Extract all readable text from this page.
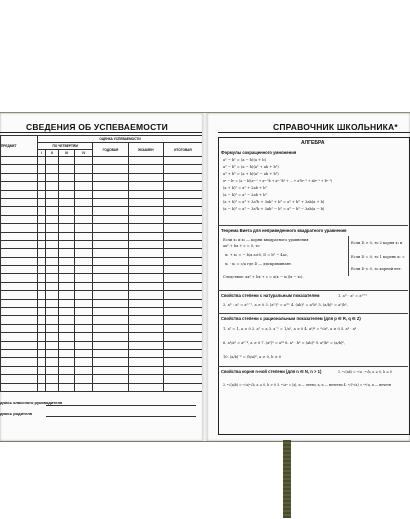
СВЕДЕНИЯ ОБ УСПЕВАЕМОСТИ
ПРЕДМЕТ	ОЦЕНКА УСПЕВАЕМОСТИ						
	ПО ЧЕТВЕРТЯМ				ГОДОВАЯ	ЭКЗАМЕН	ИТОГОВАЯ
	I	II	III	IV			

дпись классного руководителя
дпись родителя
СПРАВОЧНИК ШКОЛЬНИКА*
АЛГЕБРА
Формулы сокращенного умножения
a² − b² = (a − b)(a + b)
a³ − b³ = (a − b)(a² + ab + b²)
a³ + b³ = (a + b)(a² − ab + b²)
aⁿ − bⁿ = (a − b)(aⁿ⁻¹ + aⁿ⁻²b + aⁿ⁻³b² + ... + a²bⁿ⁻³ + abⁿ⁻² + bⁿ⁻¹)
(a + b)² = a² + 2ab + b²
(a − b)² = a² − 2ab + b²
(a + b)³ = a³ + 3a²b + 3ab² + b³ = a³ + b³ + 3ab(a + b)
(a − b)³ = a³ − 3a²b + 3ab² − b³ = a³ − b³ − 3ab(a − b)
Теорема Виета для неприведенного квадратного уравнения
Если x₁ и x₂ — корни квадратного уравнения
ax² + bx + c = 0, то
x₁ + x₂ = − b/a a≠0, D = b² − 4ac,
x₁ · x₂ = c/a где D — дискриминант.
Следствие: ax² + bx + c = a(x − x₁)(x − x₂).
Если D > 0, то 2 корня x₁ и
Если D = 0, то 1 корень x₁ =
Если D < 0, то корней нет.
Свойства степени с натуральным показателем	1. aᵐ · aⁿ = aᵐ⁺ⁿ
2. aᵐ : aⁿ = aᵐ⁻ⁿ, a ≠ 0 3. (aᵐ)ⁿ = aᵐⁿ 4. (ab)ⁿ = aⁿbⁿ 5. (a/b)ⁿ = aⁿ/bⁿ,
Свойства степени с рациональным показателем (для p ∈ R, q ∈ Z)
1. a⁰ = 1, a ≠ 0 2. a¹ = a 3. a⁻ⁿ = 1/aⁿ, a ≠ 0 4. aᵖ/ᵍ = ᵍ√aᵖ, a ≥ 0 5. aᵖ · aᵍ
6. aᵖ/aᵍ = aᵖ⁻ᵍ, a ≠ 0 7. (aᵖ)ᵍ = aᵖᵍ 8. aᵖ · bᵖ = (ab)ᵖ 9. aᵖ/bᵖ = (a/b)ᵖ,
10. (a/b)⁻ᵖ = (b/a)ᵖ, a ≠ 0, b ≠ 0
Свойства корня n-ной степени (для n ∈ N, n > 1)	1. ⁿ√(ab) = ⁿ√a · ⁿ√b, a ≥ 0, b ≥ 0
2. ⁿ√(a/b) = ⁿ√a/ⁿ√b, a ≥ 0, b > 0 3. ⁿ√aⁿ = |a|, n — четно; a, n — нечетно 4. ⁿ√(ᵏ√a) = ⁿᵏ√a, n — нечетн
